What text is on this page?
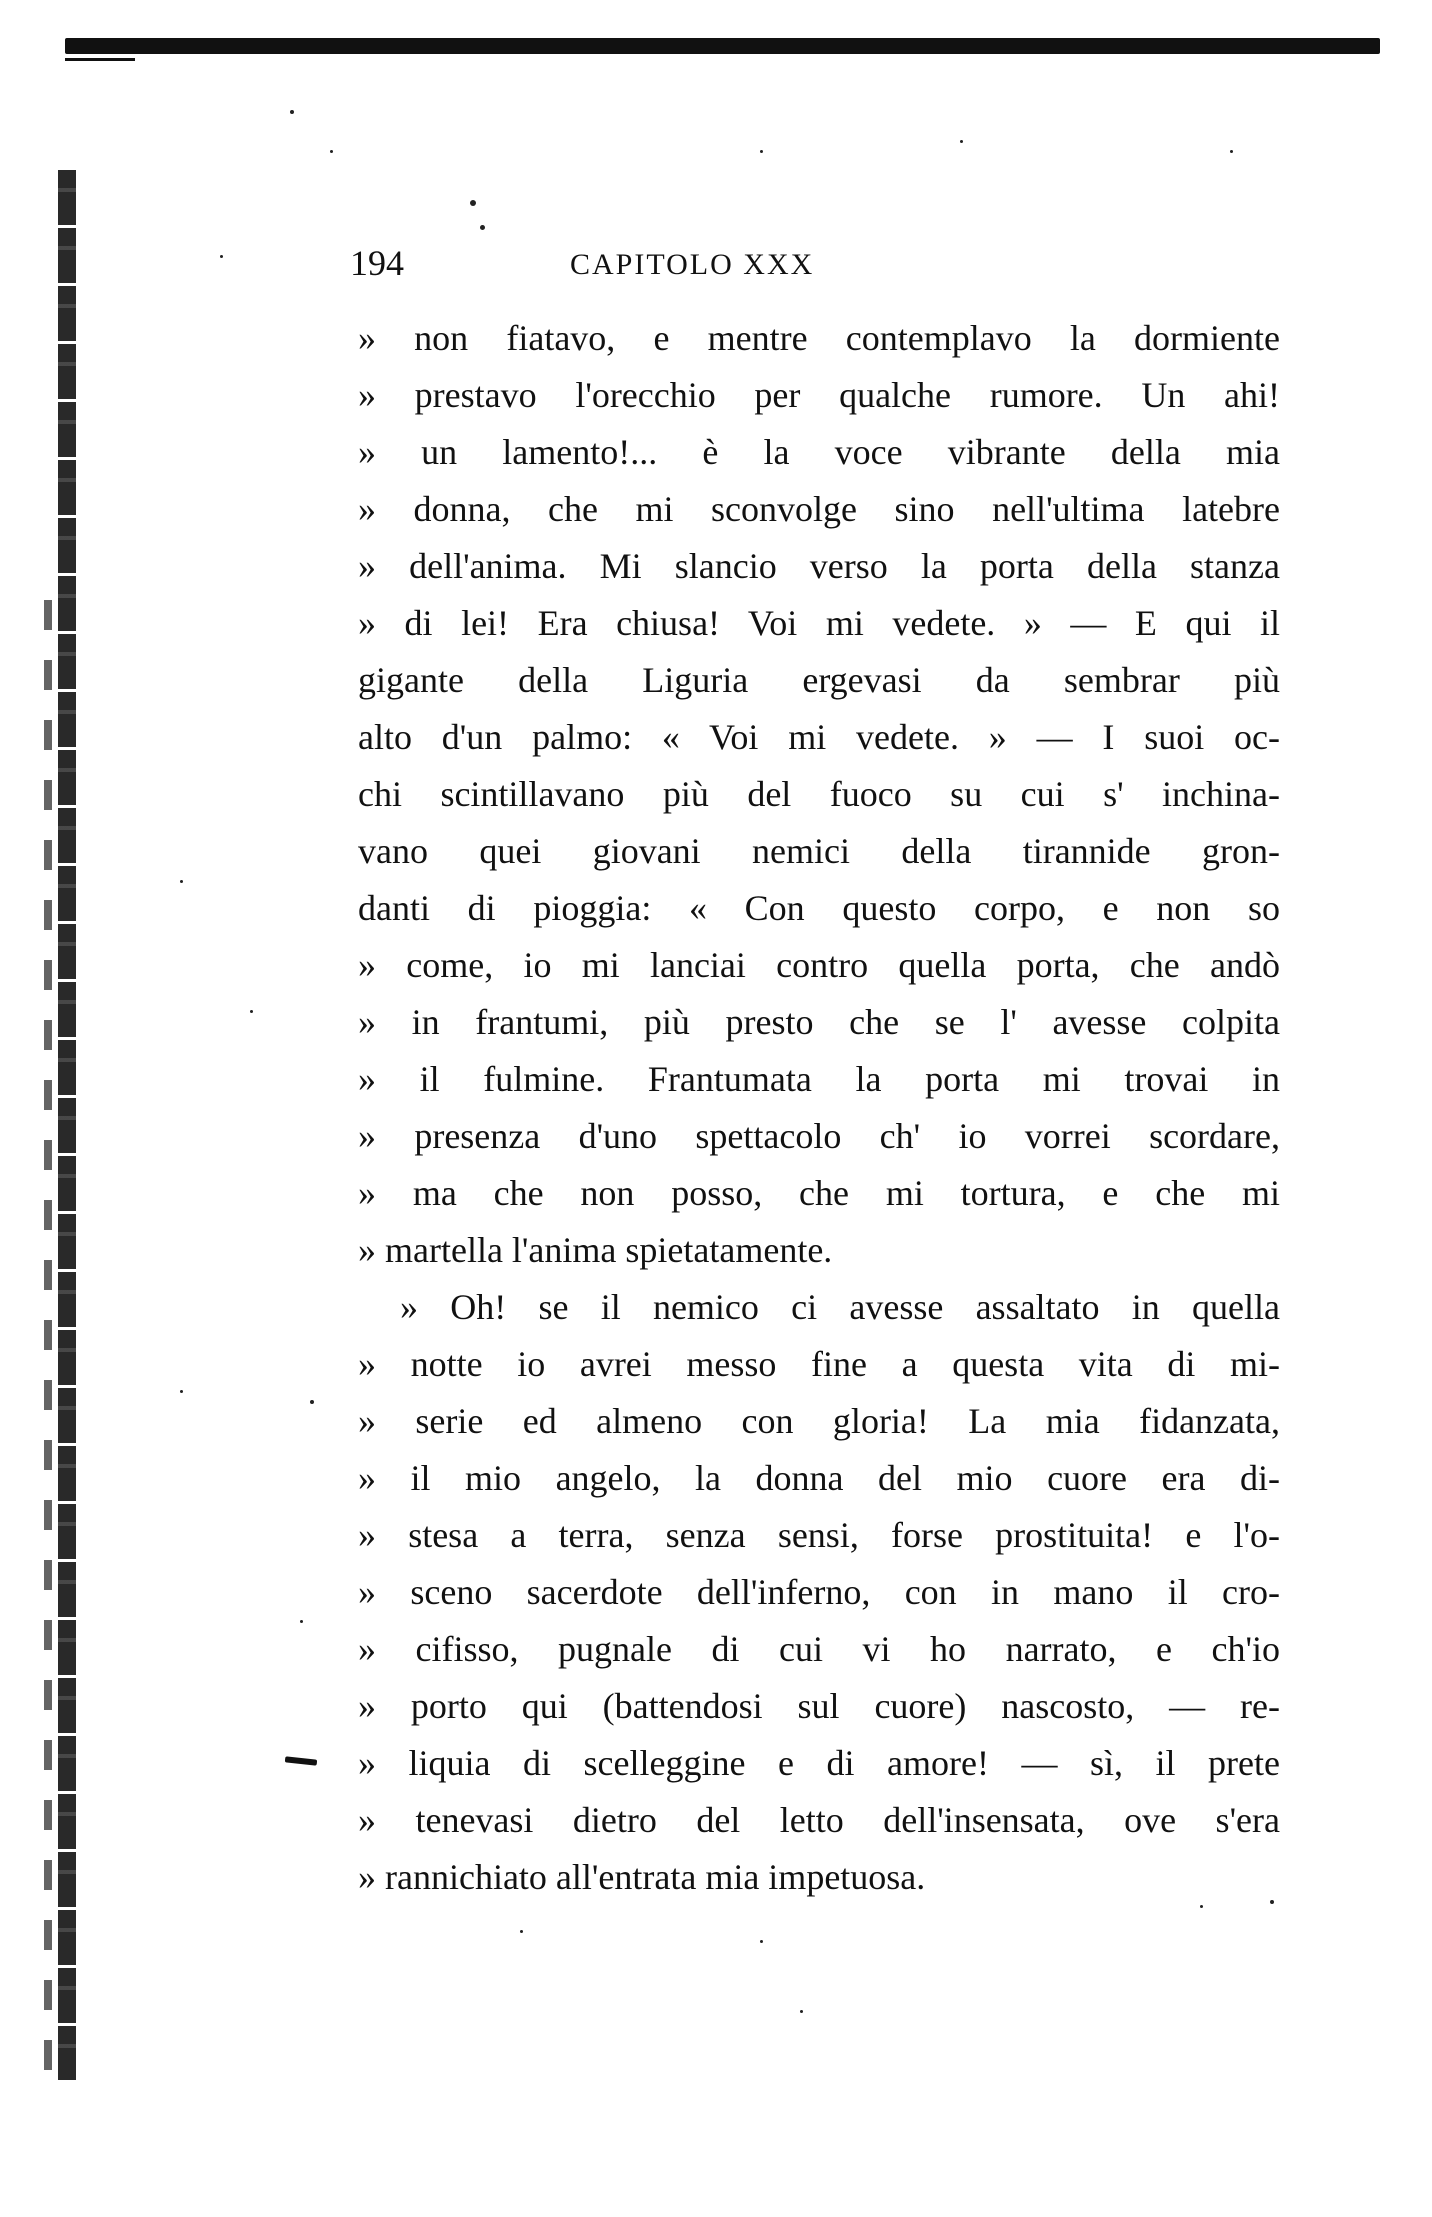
194	CAPITOLO XXX
» non fiatavo, e mentre contemplavo la dormiente
» prestavo l'orecchio per qualche rumore. Un ahi!
» un lamento!... è la voce vibrante della mia
» donna, che mi sconvolge sino nell'ultima latebre
» dell'anima. Mi slancio verso la porta della stanza
» di lei! Era chiusa! Voi mi vedete. » — E qui il
gigante della Liguria ergevasi da sembrar più
alto d'un palmo: « Voi mi vedete. » — I suoi oc-
chi scintillavano più del fuoco su cui s' inchina-
vano quei giovani nemici della tirannide gron-
danti di pioggia: « Con questo corpo, e non so
» come, io mi lanciai contro quella porta, che andò
» in frantumi, più presto che se l' avesse colpita
» il fulmine. Frantumata la porta mi trovai in
» presenza d'uno spettacolo ch' io vorrei scordare,
» ma che non posso, che mi tortura, e che mi
» martella l'anima spietatamente.
» Oh! se il nemico ci avesse assaltato in quella
» notte io avrei messo fine a questa vita di mi-
» serie ed almeno con gloria! La mia fidanzata,
» il mio angelo, la donna del mio cuore era di-
» stesa a terra, senza sensi, forse prostituita! e l'o-
» sceno sacerdote dell'inferno, con in mano il cro-
» cifisso, pugnale di cui vi ho narrato, e ch'io
» porto qui (battendosi sul cuore) nascosto, — re-
» liquia di scelleggine e di amore! — sì, il prete
» tenevasi dietro del letto dell'insensata, ove s'era
» rannichiato all'entrata mia impetuosa.
